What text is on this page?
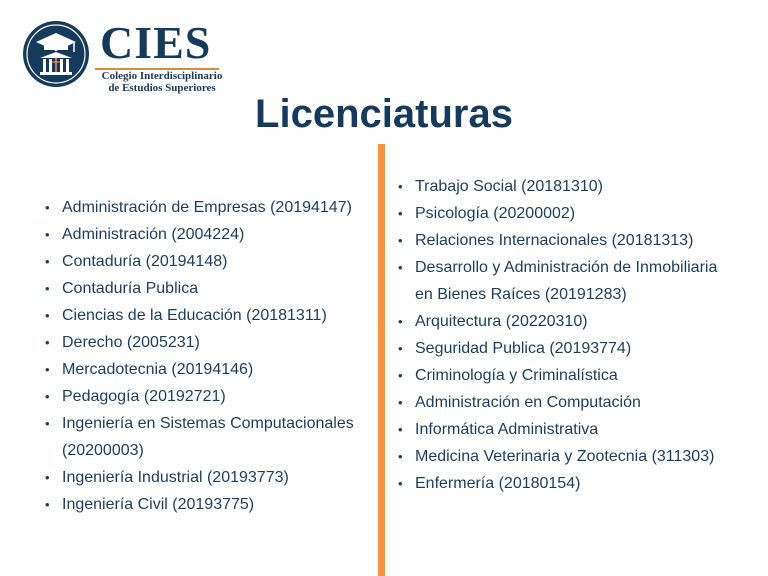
CIES
Colegio Interdisciplinario
de Estudios Superiores
Licenciaturas
• Administración de Empresas (20194147)
• Administración (2004224)
• Contaduría (20194148)
• Contaduría Publica
• Ciencias de la Educación (20181311)
• Derecho (2005231)
• Mercadotecnia (20194146)
• Pedagogía (20192721)
• Ingeniería en Sistemas Computacionales (20200003)
• Ingeniería Industrial (20193773)
• Ingeniería Civil (20193775)
• Trabajo Social (20181310)
• Psicología (20200002)
• Relaciones Internacionales (20181313)
• Desarrollo y Administración de Inmobiliaria en Bienes Raíces (20191283)
• Arquitectura (20220310)
• Seguridad Publica (20193774)
• Criminología y Criminalística
• Administración en Computación
• Informática Administrativa
• Medicina Veterinaria y Zootecnia (311303)
• Enfermería (20180154)
